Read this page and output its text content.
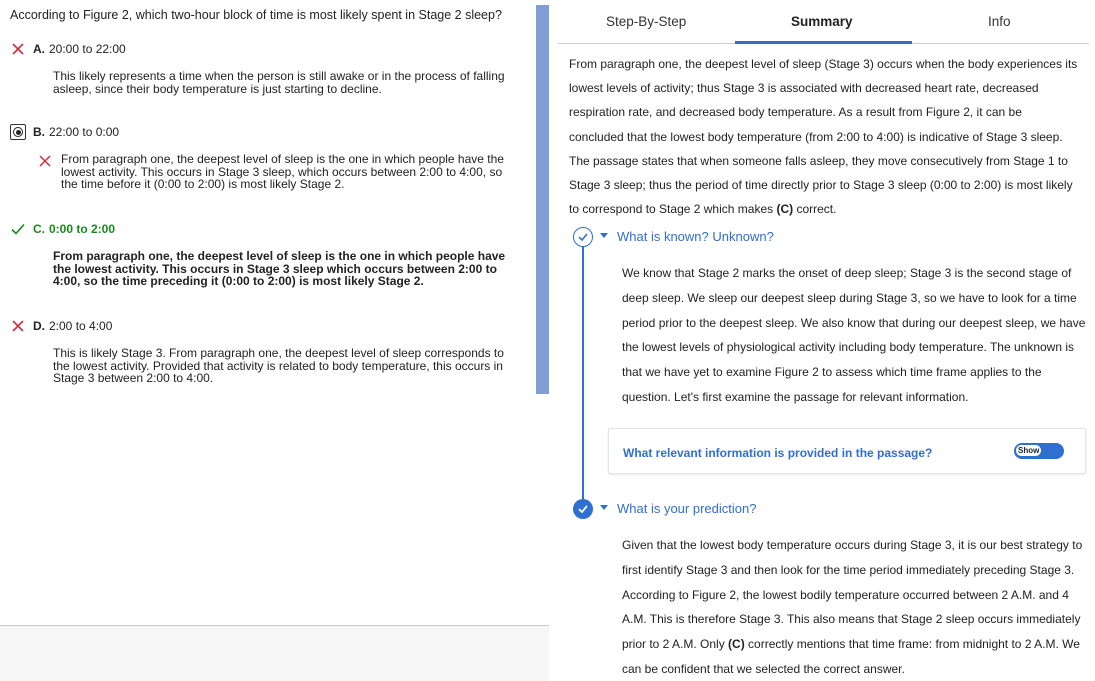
According to Figure 2, which two-hour block of time is most likely spent in Stage 2 sleep?
A. 20:00 to 22:00
This likely represents a time when the person is still awake or in the process of falling asleep, since their body temperature is just starting to decline.
B. 22:00 to 0:00
From paragraph one, the deepest level of sleep is the one in which people have the lowest activity. This occurs in Stage 3 sleep, which occurs between 2:00 to 4:00, so the time before it (0:00 to 2:00) is most likely Stage 2.
C. 0:00 to 2:00
From paragraph one, the deepest level of sleep is the one in which people have the lowest activity. This occurs in Stage 3 sleep which occurs between 2:00 to 4:00, so the time preceding it (0:00 to 2:00) is most likely Stage 2.
D. 2:00 to 4:00
This is likely Stage 3. From paragraph one, the deepest level of sleep corresponds to the lowest activity. Provided that activity is related to body temperature, this occurs in Stage 3 between 2:00 to 4:00.
Step-By-Step	Summary	Info
From paragraph one, the deepest level of sleep (Stage 3) occurs when the body experiences its lowest levels of activity; thus Stage 3 is associated with decreased heart rate, decreased respiration rate, and decreased body temperature. As a result from Figure 2, it can be concluded that the lowest body temperature (from 2:00 to 4:00) is indicative of Stage 3 sleep. The passage states that when someone falls asleep, they move consecutively from Stage 1 to Stage 3 sleep; thus the period of time directly prior to Stage 3 sleep (0:00 to 2:00) is most likely to correspond to Stage 2 which makes (C) correct.
What is known? Unknown?
We know that Stage 2 marks the onset of deep sleep; Stage 3 is the second stage of deep sleep. We sleep our deepest sleep during Stage 3, so we have to look for a time period prior to the deepest sleep. We also know that during our deepest sleep, we have the lowest levels of physiological activity including body temperature. The unknown is that we have yet to examine Figure 2 to assess which time frame applies to the question. Let's first examine the passage for relevant information.
What relevant information is provided in the passage?	Show
What is your prediction?
Given that the lowest body temperature occurs during Stage 3, it is our best strategy to first identify Stage 3 and then look for the time period immediately preceding Stage 3. According to Figure 2, the lowest bodily temperature occurred between 2 A.M. and 4 A.M. This is therefore Stage 3. This also means that Stage 2 sleep occurs immediately prior to 2 A.M. Only (C) correctly mentions that time frame: from midnight to 2 A.M. We can be confident that we selected the correct answer.
